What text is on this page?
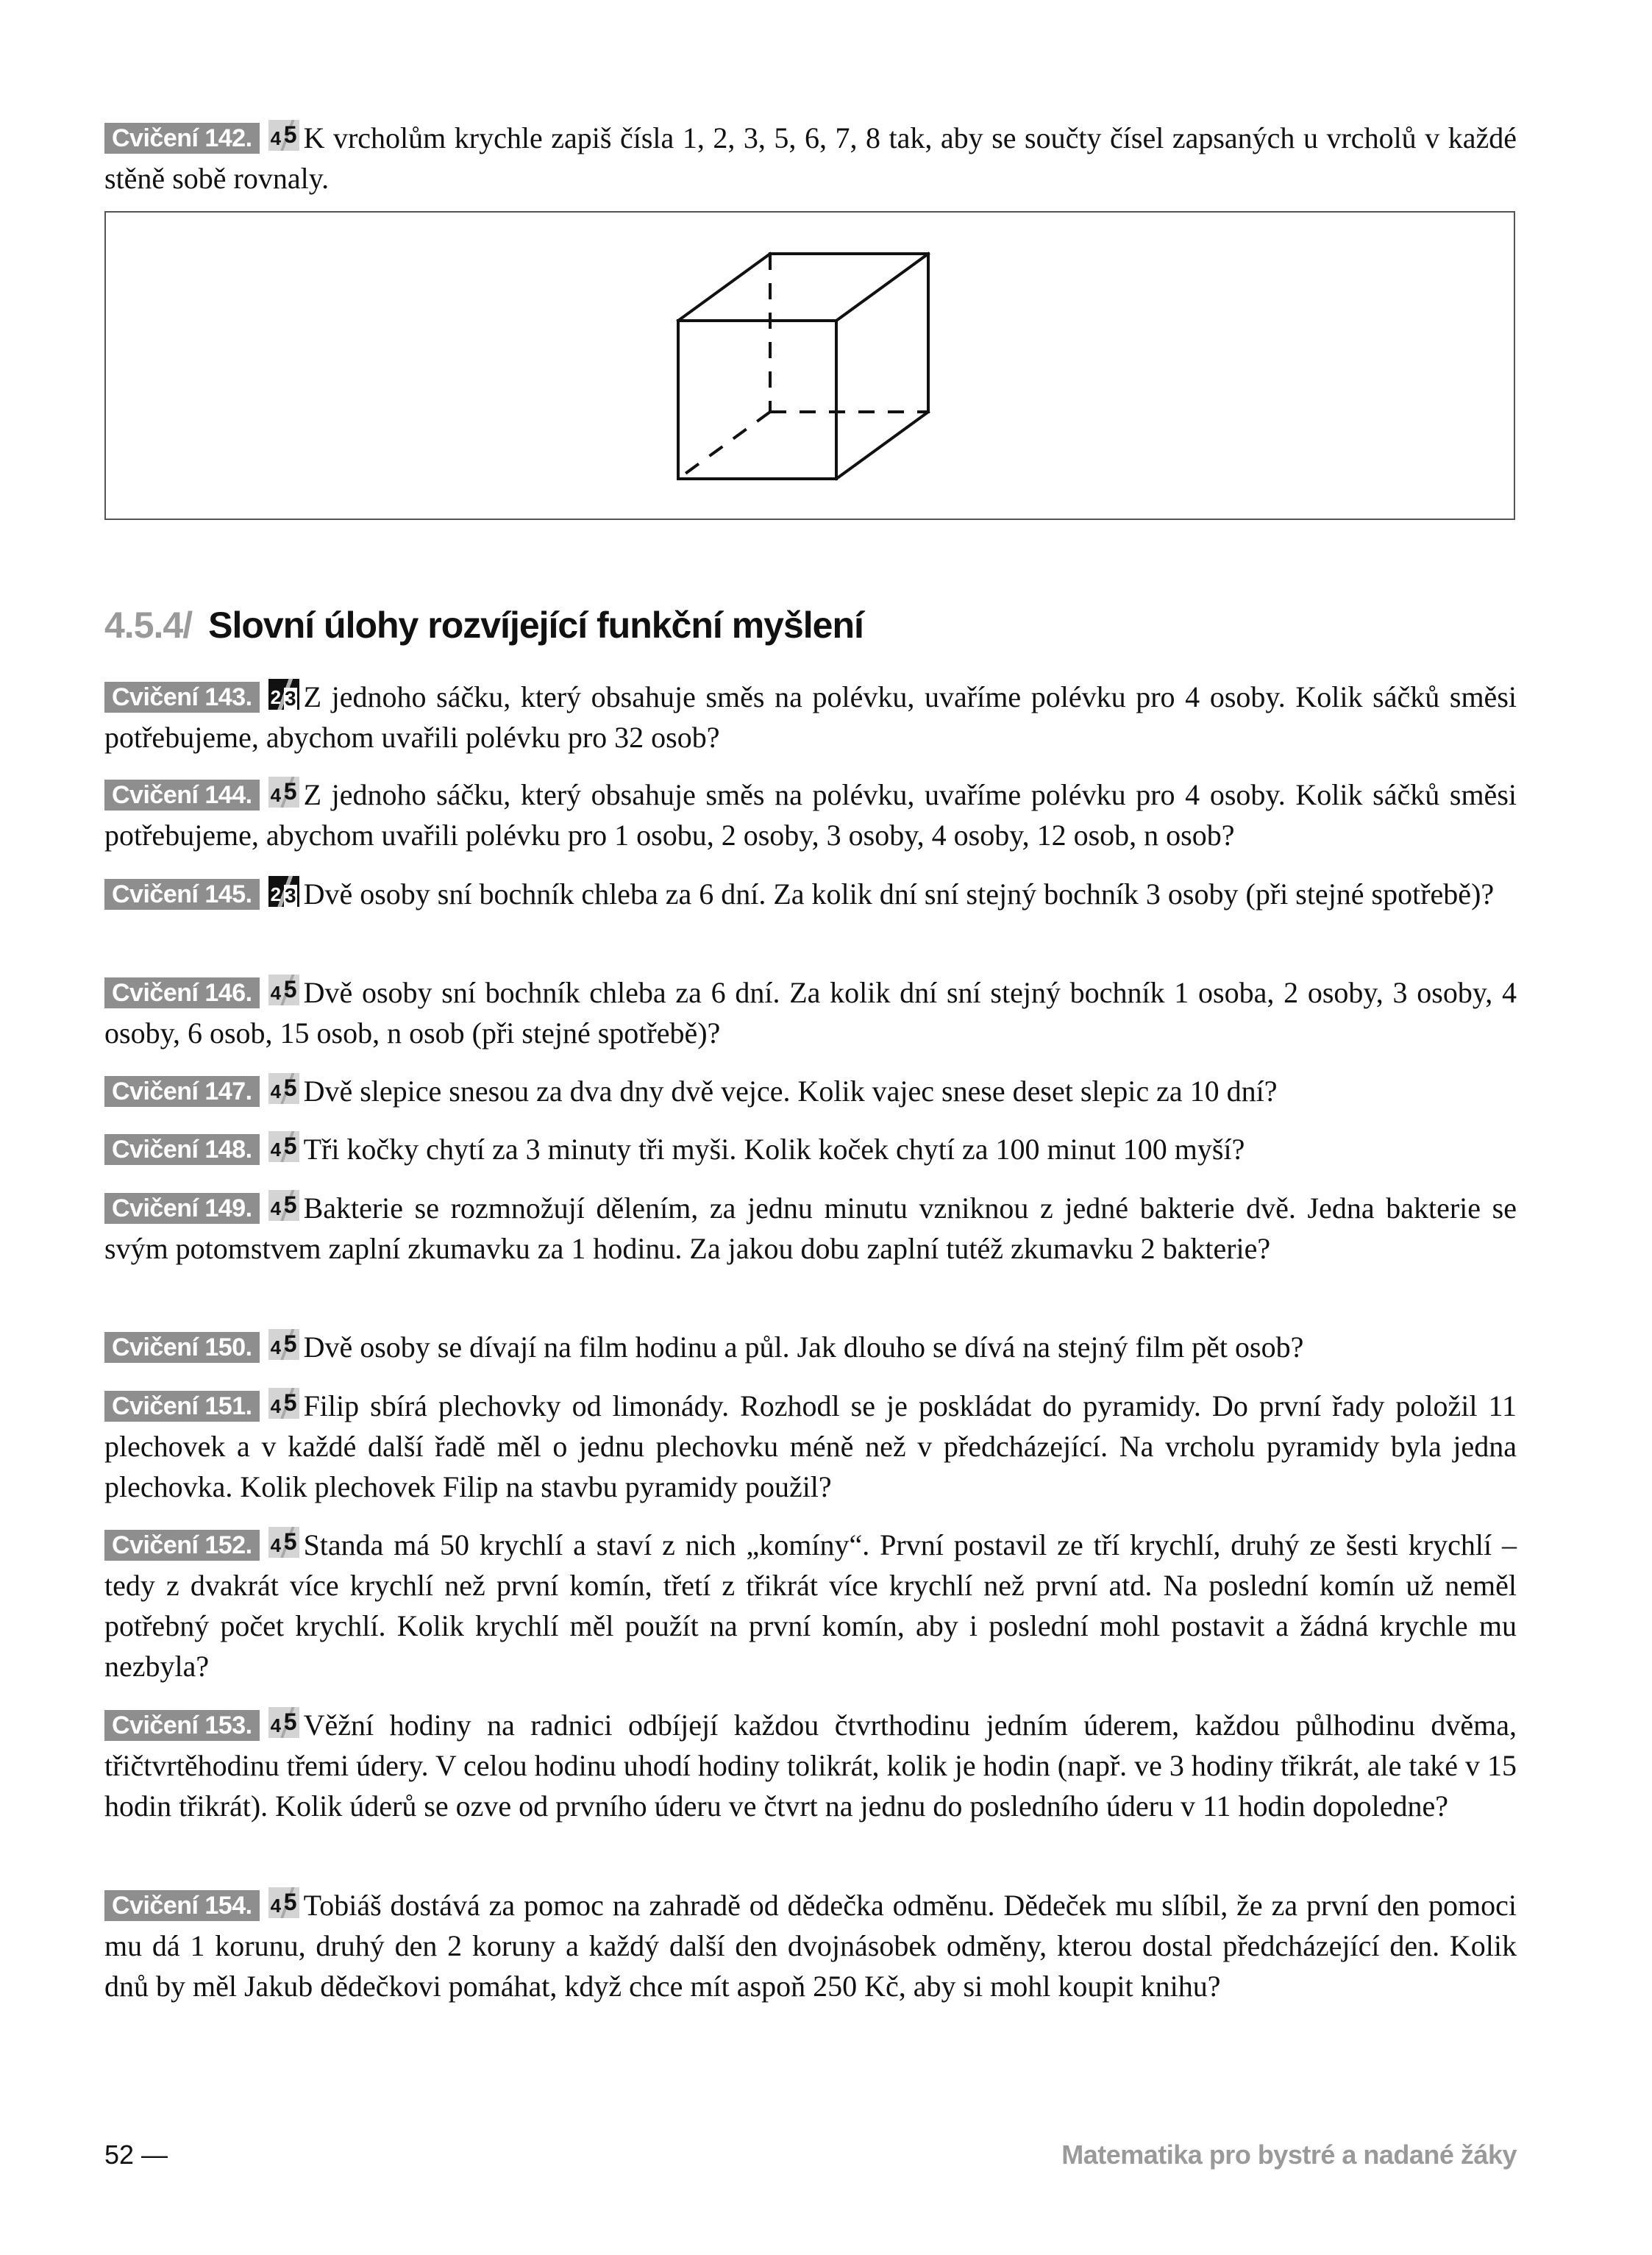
Cvičení 142. 4 5 K vrcholům krychle zapiš čísla 1, 2, 3, 5, 6, 7, 8 tak, aby se součty čísel zapsaných u vrcholů v každé stěně sobě rovnaly.
4.5.4/ Slovní úlohy rozvíjející funkční myšlení
Cvičení 143. 2 3 Z jednoho sáčku, který obsahuje směs na polévku, uvaříme polévku pro 4 osoby. Kolik sáčků směsi potřebujeme, abychom uvařili polévku pro 32 osob?
Cvičení 144. 4 5 Z jednoho sáčku, který obsahuje směs na polévku, uvaříme polévku pro 4 osoby. Kolik sáčků směsi potřebujeme, abychom uvařili polévku pro 1 osobu, 2 osoby, 3 osoby, 4 osoby, 12 osob, n osob?
Cvičení 145. 2 3 Dvě osoby sní bochník chleba za 6 dní. Za kolik dní sní stejný bochník 3 osoby (při stejné spotřebě)?
Cvičení 146. 4 5 Dvě osoby sní bochník chleba za 6 dní. Za kolik dní sní stejný bochník 1 osoba, 2 osoby, 3 osoby, 4 osoby, 6 osob, 15 osob, n osob (při stejné spotřebě)?
Cvičení 147. 4 5 Dvě slepice snesou za dva dny dvě vejce. Kolik vajec snese deset slepic za 10 dní?
Cvičení 148. 4 5 Tři kočky chytí za 3 minuty tři myši. Kolik koček chytí za 100 minut 100 myší?
Cvičení 149. 4 5 Bakterie se rozmnožují dělením, za jednu minutu vzniknou z jedné bakterie dvě. Jedna bakterie se svým potomstvem zaplní zkumavku za 1 hodinu. Za jakou dobu zaplní tutéž zkumavku 2 bakterie?
Cvičení 150. 4 5 Dvě osoby se dívají na film hodinu a půl. Jak dlouho se dívá na stejný film pět osob?
Cvičení 151. 4 5 Filip sbírá plechovky od limonády. Rozhodl se je poskládat do pyramidy. Do první řady položil 11 plechovek a v každé další řadě měl o jednu plechovku méně než v předcházející. Na vrcholu pyramidy byla jedna plechovka. Kolik plechovek Filip na stavbu pyramidy použil?
Cvičení 152. 4 5 Standa má 50 krychlí a staví z nich „komíny“. První postavil ze tří krychlí, druhý ze šesti krychlí – tedy z dvakrát více krychlí než první komín, třetí z třikrát více krychlí než první atd. Na poslední komín už neměl potřebný počet krychlí. Kolik krychlí měl použít na první komín, aby i poslední mohl postavit a žádná krychle mu nezbyla?
Cvičení 153. 4 5 Věžní hodiny na radnici odbíjejí každou čtvrthodinu jedním úderem, každou půlhodinu dvěma, třičtvrtěhodinu třemi údery. V celou hodinu uhodí hodiny tolikrát, kolik je hodin (např. ve 3 hodiny třikrát, ale také v 15 hodin třikrát). Kolik úderů se ozve od prvního úderu ve čtvrt na jednu do posledního úderu v 11 hodin dopoledne?
Cvičení 154. 4 5 Tobiáš dostává za pomoc na zahradě od dědečka odměnu. Dědeček mu slíbil, že za první den pomoci mu dá 1 korunu, druhý den 2 koruny a každý další den dvojnásobek odměny, kterou dostal předcházející den. Kolik dnů by měl Jakub dědečkovi pomáhat, když chce mít aspoň 250 Kč, aby si mohl koupit knihu?
52 —	Matematika pro bystré a nadané žáky
